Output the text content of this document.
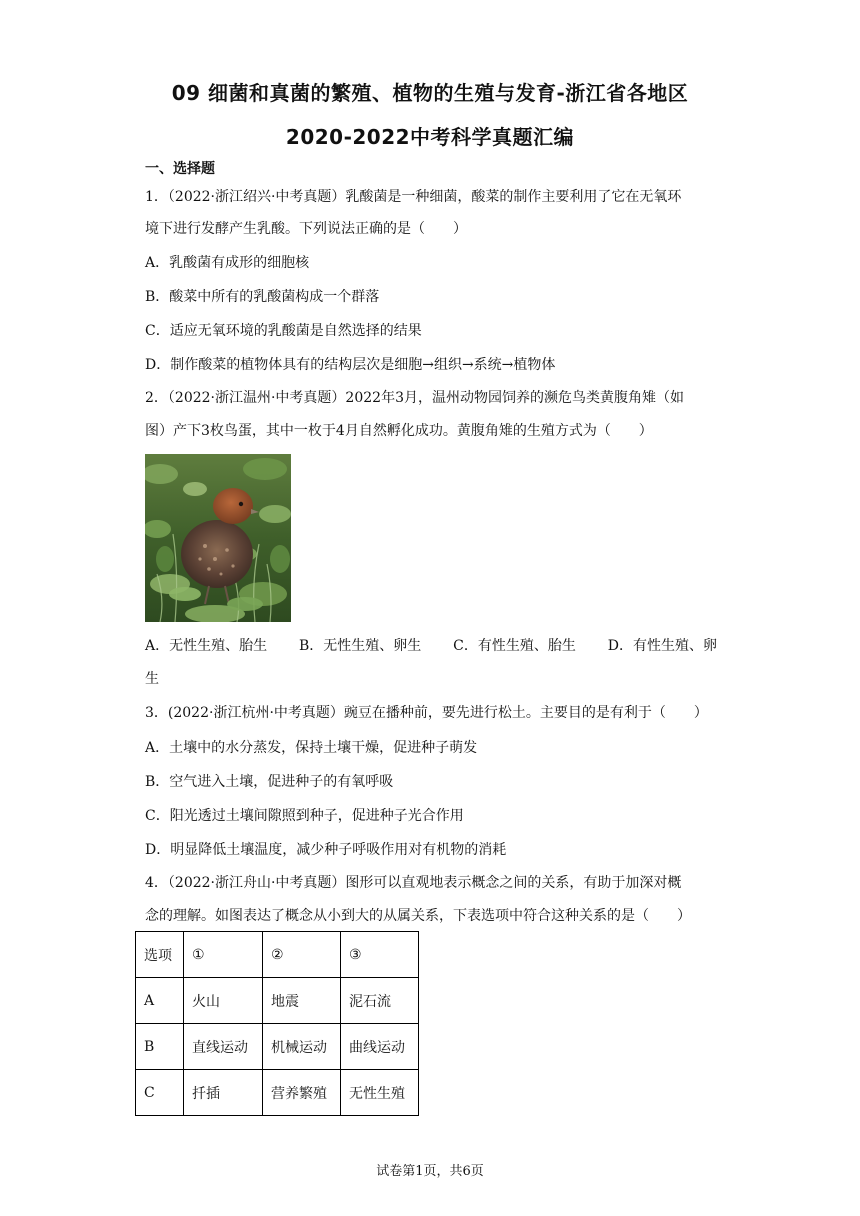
09 细菌和真菌的繁殖、植物的生殖与发育-浙江省各地区
2020-2022中考科学真题汇编
一、选择题
1．（2022·浙江绍兴·中考真题）乳酸菌是一种细菌，酸菜的制作主要利用了它在无氧环
境下进行发酵产生乳酸。下列说法正确的是（　　）
A．乳酸菌有成形的细胞核
B．酸菜中所有的乳酸菌构成一个群落
C．适应无氧环境的乳酸菌是自然选择的结果
D．制作酸菜的植物体具有的结构层次是细胞→组织→系统→植物体
2．（2022·浙江温州·中考真题）2022年3月，温州动物园饲养的濒危鸟类黄腹角雉（如
图）产下3枚鸟蛋，其中一枚于4月自然孵化成功。黄腹角雉的生殖方式为（　　）
A．无性生殖、胎生 B．无性生殖、卵生 C．有性生殖、胎生 D．有性生殖、卵
生
3．(2022·浙江杭州·中考真题）豌豆在播种前，要先进行松土。主要目的是有利于（　　）
A．土壤中的水分蒸发，保持土壤干燥，促进种子萌发
B．空气进入土壤，促进种子的有氧呼吸
C．阳光透过土壤间隙照到种子，促进种子光合作用
D．明显降低土壤温度，减少种子呼吸作用对有机物的消耗
4．（2022·浙江舟山·中考真题）图形可以直观地表示概念之间的关系，有助于加深对概
念的理解。如图表达了概念从小到大的从属关系，下表选项中符合这种关系的是（　　）
选项	①	②	③
A	火山	地震	泥石流
B	直线运动	机械运动	曲线运动
C	扦插	营养繁殖	无性生殖
试卷第1页，共6页
